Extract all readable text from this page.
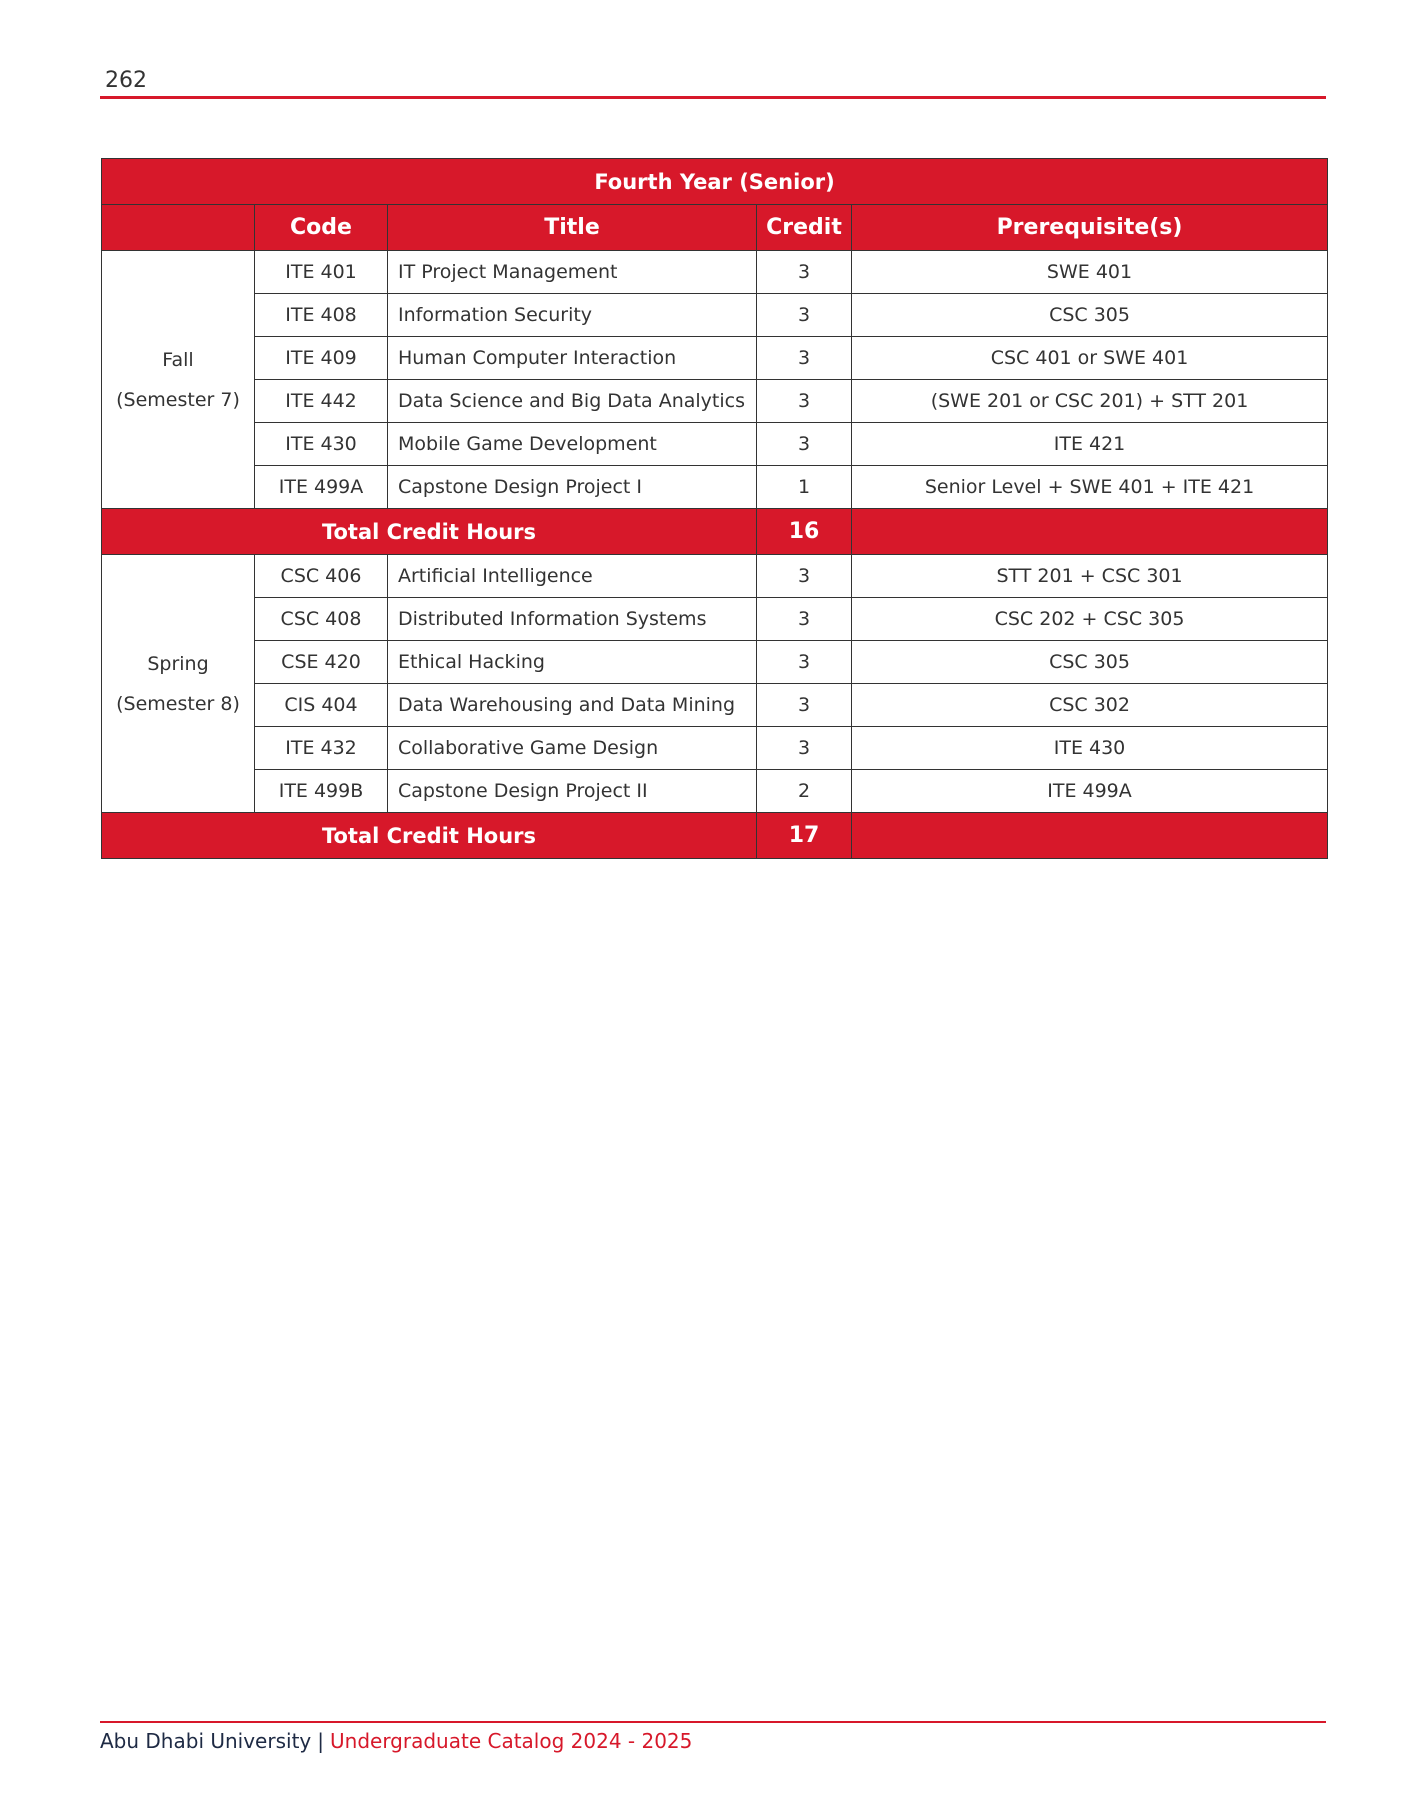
262
Fourth Year (Senior)				
	Code	Title	Credit	Prerequisite(s)

Fall
(Semester 7)	ITE 401	IT Project Management	3	SWE 401
	ITE 408	Information Security	3	CSC 305
	ITE 409	Human Computer Interaction	3	CSC 401 or SWE 401
	ITE 442	Data Science and Big Data Analytics	3	(SWE 201 or CSC 201) + STT 201
	ITE 430	Mobile Game Development	3	ITE 421
	ITE 499A	Capstone Design Project I	1	Senior Level + SWE 401 + ITE 421
Total Credit Hours			16	

Spring
(Semester 8)	CSC 406	Artificial Intelligence	3	STT 201 + CSC 301
	CSC 408	Distributed Information Systems	3	CSC 202 + CSC 305
	CSE 420	Ethical Hacking	3	CSC 305
	CIS 404	Data Warehousing and Data Mining	3	CSC 302
	ITE 432	Collaborative Game Design	3	ITE 430
	ITE 499B	Capstone Design Project II	2	ITE 499A
Total Credit Hours			17	
Abu Dhabi University | Undergraduate Catalog 2024 - 2025
